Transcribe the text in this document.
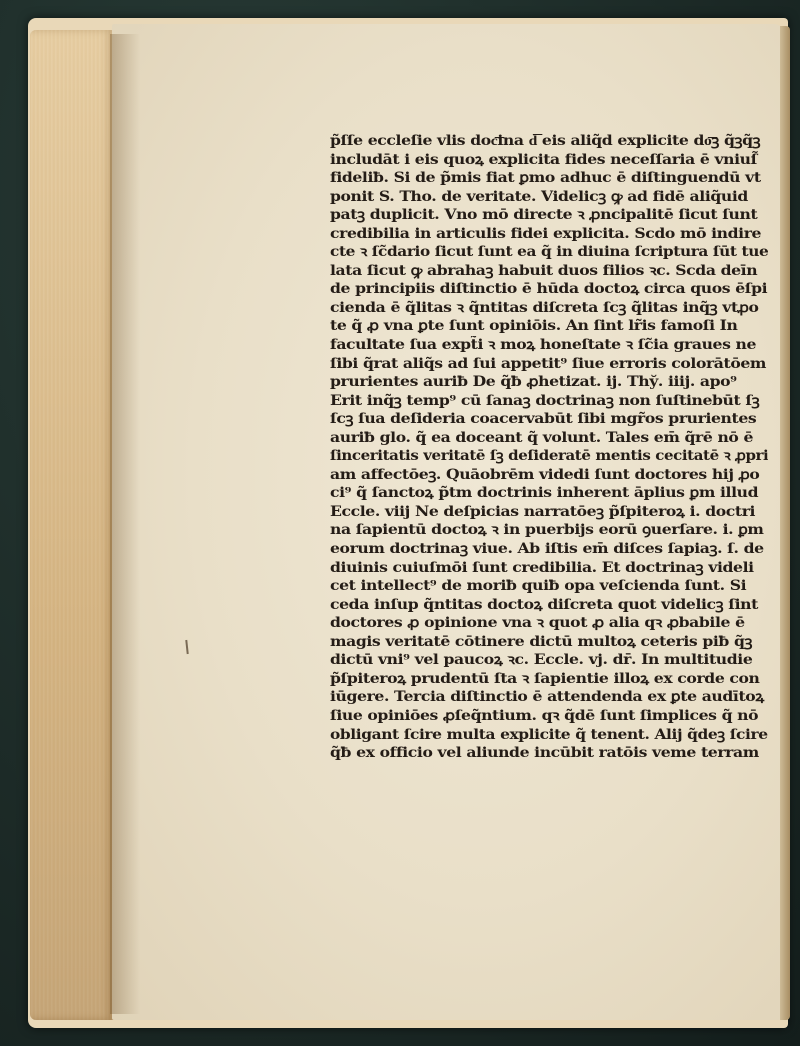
p̃ſſe eccleſie vlis doc͞ina d͞ eis aliq̃d explicite do͞ꝫ q̃ꝫq̃ꝫ
includāt i eis quoꝝ explicita fides neceſſaria ē vniuſ̃
fideliƀ. Si de p̃mis fiat ꝑmo adhuc ē diſtinguendū vt
ponit S. Tho. de veritate. Videlicꝫ ꝙ ad fidē aliq̃uid
patꝫ duplicit. Vno mō directe ꝛ ꝓncipalitē ſicut ſunt
credibilia in articulis fidei explicita. Scdo mō indire
cte ꝛ ſc̃dario ſicut ſunt ea q̃ in diuina ſcriptura ſūt tue
lata ſicut ꝙ abrahaꝫ habuit duos filios ꝛc. Scda deīn
de principiis diſtinctio ē hūda doctoꝝ circa quos ēſpi
cienda ē q̃litas ꝛ q̃ntitas diſcreta ſcꝫ q̃litas inq̃ꝫ vtꝓo
te q̃ ꝓ vna ꝑte ſunt opiniōis. An ſint lr̃is famoſi In
facultate ſua expt̃i ꝛ moꝝ honeſtate ꝛ ſc̃ia graues ne
ſibi q̃rat aliq̃s ad ſui appetit⁹ ſiue erroris colorātōem
prurientes auriƀ De q̃ƀ ꝓhetizat. ij. Thy̆. iiij. apo⁹
Erit inq̃ꝫ temp⁹ cū ſanaꝫ doctrinaꝫ non ſuſtinebūt ſꝫ
ſcꝫ ſua deſideria coacervabūt ſibi mgr̃os prurientes
auriƀ glo. q̃ ea doceant q̃ volunt. Tales em̄ q̃rē nō ē
ſinceritatis veritatē ſꝫ deſideratē mentis cecitatē ꝛ ꝓpri
am affectōeꝫ. Quāobrēm videdi ſunt doctores hij ꝓo
ci⁹ q̃ ſanctoꝝ p̃tm doctrinis inherent āplius ꝑm illud
Eccle. viij Ne deſpicias narratōeꝫ p̃ſpiteroꝝ i. doctri
na ſapientū doctoꝝ ꝛ in puerbijs eorū ꝯuerſare. i. ꝑm
eorum doctrinaꝫ viue. Ab iſtis em̄ diſces ſapiaꝫ. ſ. de
diuinis cuiuſmōi ſunt credibilia. Et doctrinaꝫ videli
cet intellect⁹ de moriƀ quiƀ opa veſcienda ſunt. Si
ceda inſup q̃ntitas doctoꝝ diſcreta quot videlicꝫ ſint
doctores ꝓ opinione vna ꝛ quot ꝓ alia qꝛ ꝓbabile ē
magis veritatē cōtinere dictū multoꝝ ceteris piƀ q̃ꝫ
dictū vni⁹ vel paucoꝝ ꝛc. Eccle. vj. dr̄. In multitudie
p̃ſpiteroꝝ prudentū ſta ꝛ ſapientie illoꝝ ex corde con
iūgere. Tercia diſtinctio ē attendenda ex ꝑte audītoꝝ
ſiue opiniōes ꝓſeq̃ntium. qꝛ q̃dē ſunt ſimplices q̃ nō
obligant ſcire multa explicite q̃ tenent. Alij q̃deꝫ ſcire
q̃ƀ ex officio vel aliunde incūbit ratōis veme terram
